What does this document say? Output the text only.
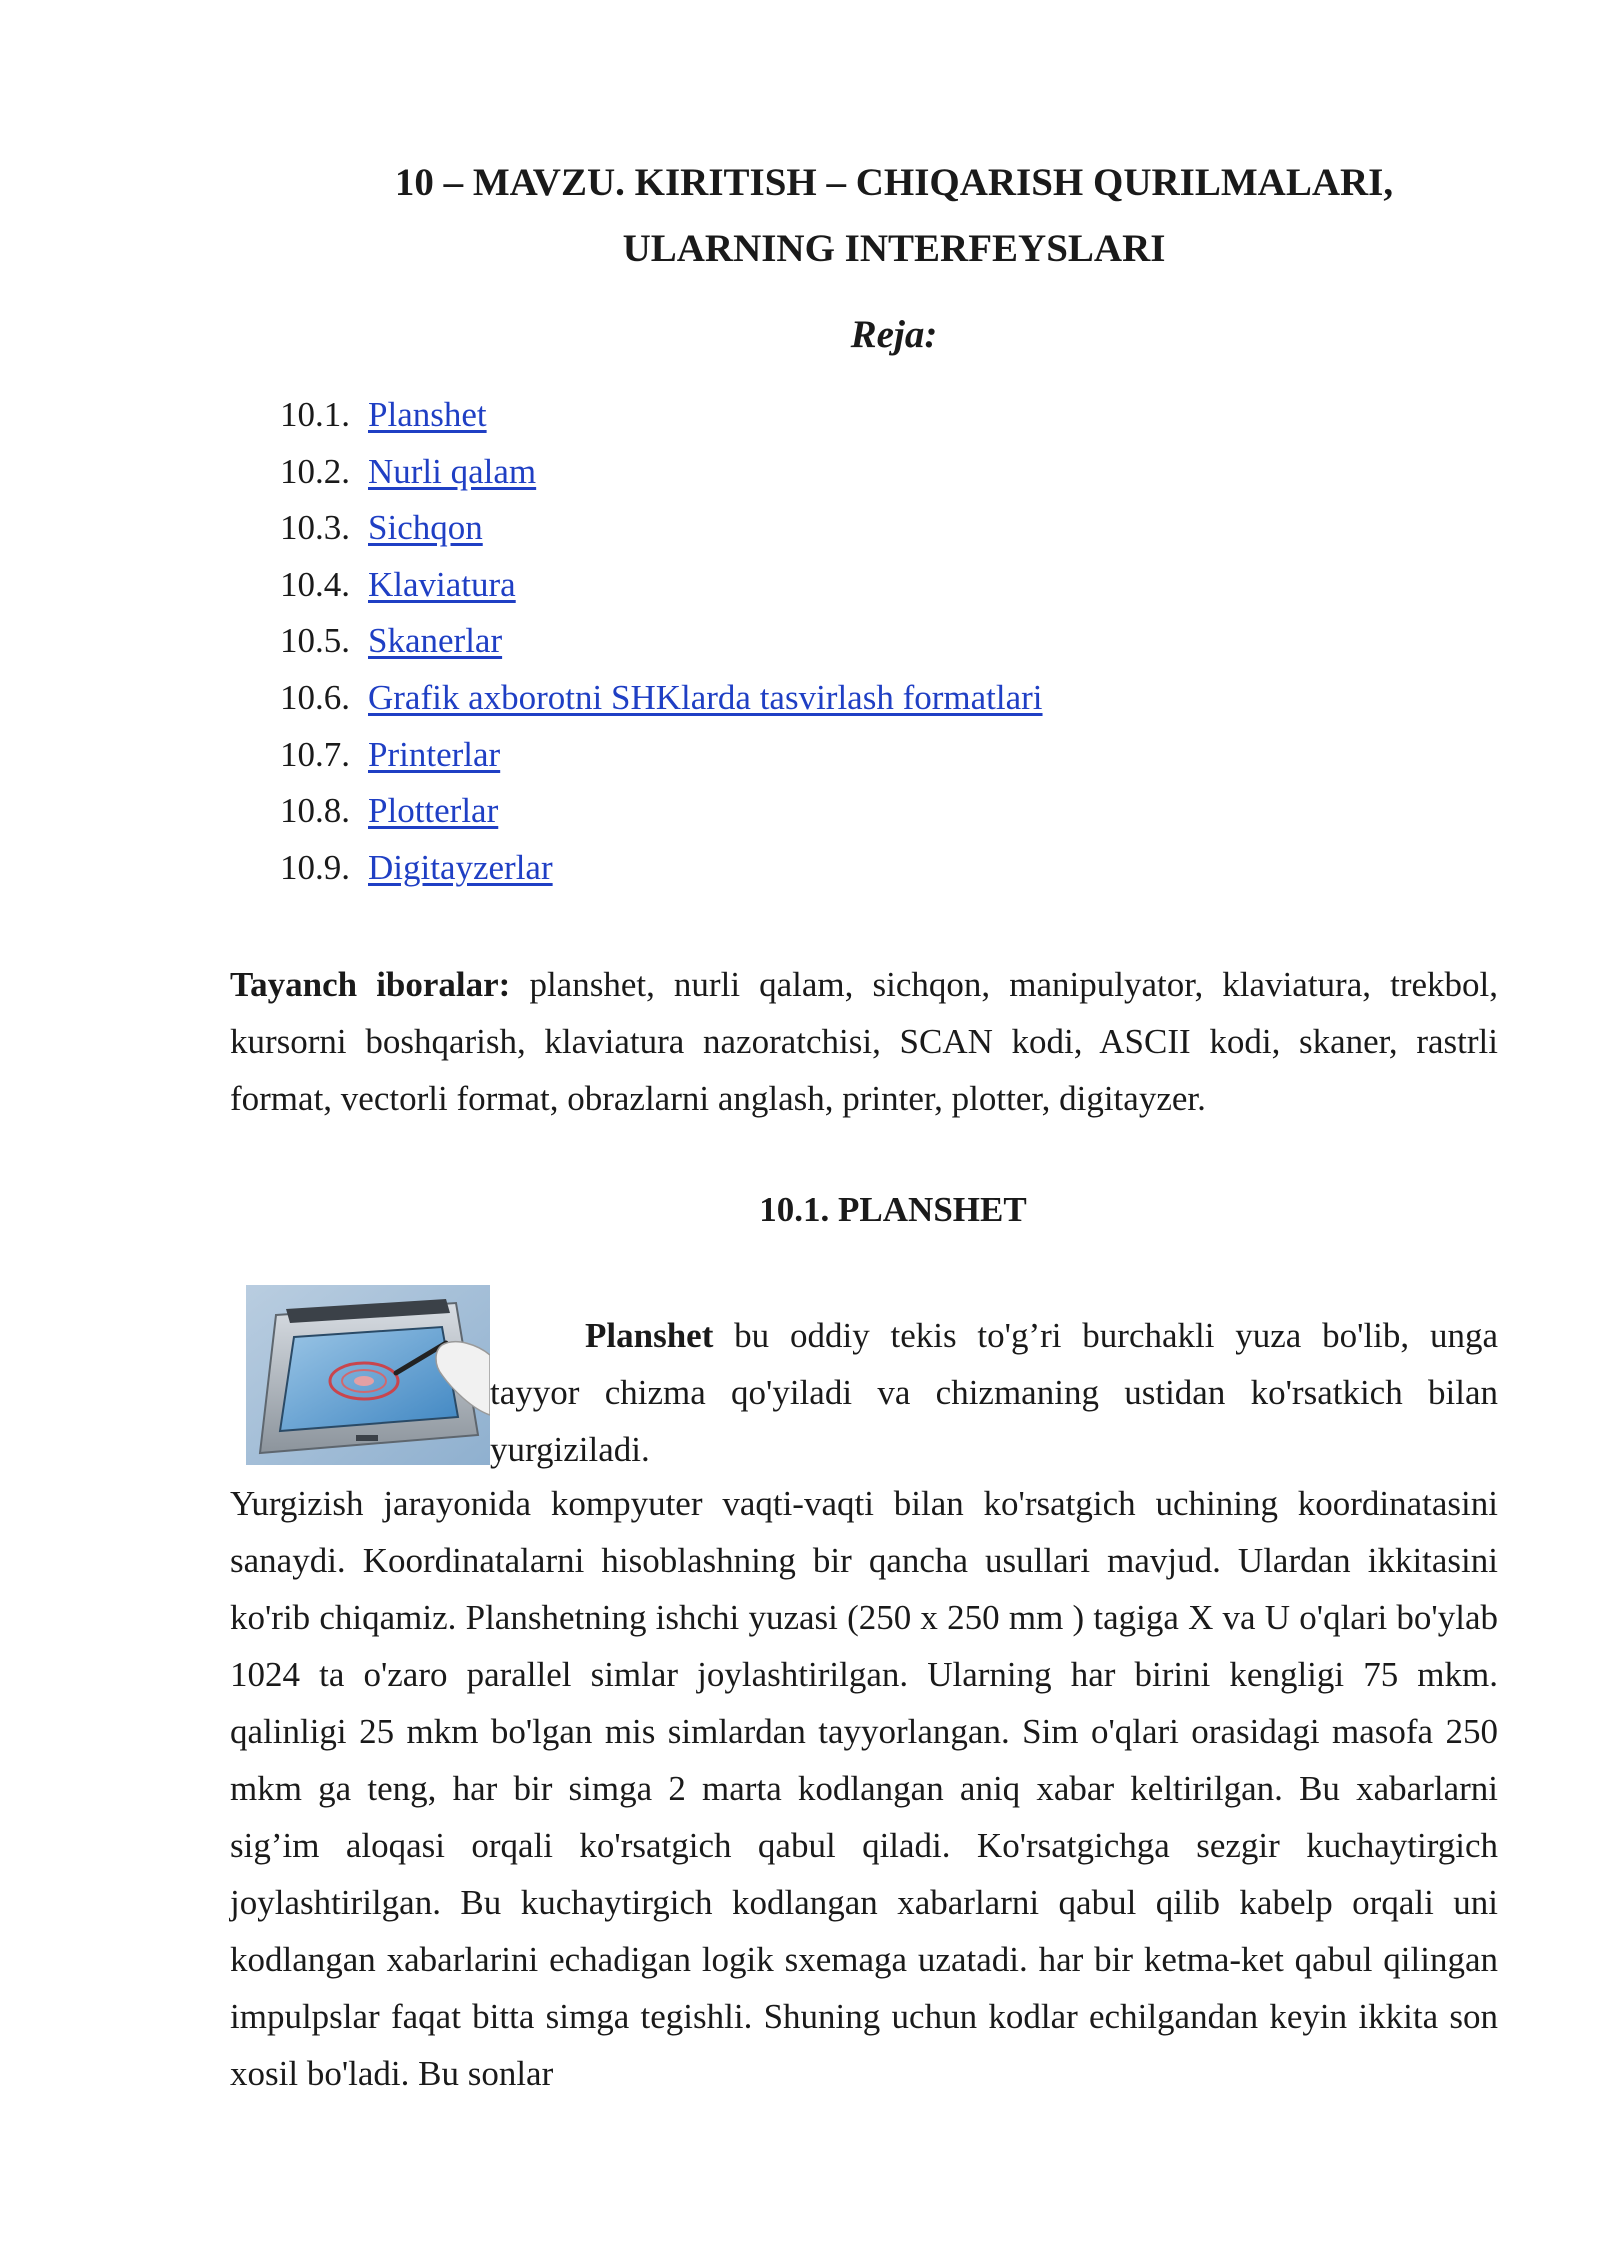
10 – MAVZU. KIRITISH – CHIQARISH QURILMALARI,
ULARNING INTERFEYSLARI

Reja:

10.1. Planshet
10.2. Nurli qalam
10.3. Sichqon
10.4. Klaviatura
10.5. Skanerlar
10.6. Grafik axborotni SHKlarda tasvirlash formatlari
10.7. Printerlar
10.8. Plotterlar
10.9. Digitayzerlar

Tayanch iboralar: planshet, nurli qalam, sichqon, manipulyator, klaviatura, trekbol, kursorni boshqarish, klaviatura nazoratchisi, SCAN kodi, ASCII kodi, skaner, rastrli format, vectorli format, obrazlarni anglash, printer, plotter, digitayzer.

10.1. PLANSHET

Planshet bu oddiy tekis to'g’ri burchakli yuza bo'lib, unga tayyor chizma qo'yiladi va chizmaning ustidan ko'rsatkich bilan yurgiziladi.

Yurgizish jarayonida kompyuter vaqti-vaqti bilan ko'rsatgich uchining koordinatasini sanaydi. Koordinatalarni hisoblashning bir qancha usullari mavjud. Ulardan ikkitasini ko'rib chiqamiz. Planshetning ishchi yuzasi (250 x 250 mm ) tagiga X va U o'qlari bo'ylab 1024 ta o'zaro parallel simlar joylashtirilgan. Ularning har birini kengligi 75 mkm. qalinligi 25 mkm bo'lgan mis simlardan tayyorlangan. Sim o'qlari orasidagi masofa 250 mkm ga teng, har bir simga 2 marta kodlangan aniq xabar keltirilgan. Bu xabarlarni sig’im aloqasi orqali ko'rsatgich qabul qiladi. Ko'rsatgichga sezgir kuchaytirgich joylashtirilgan. Bu kuchaytirgich kodlangan xabarlarni qabul qilib kabelp orqali uni kodlangan xabarlarini echadigan logik sxemaga uzatadi. har bir ketma-ket qabul qilingan impulpslar faqat bitta simga tegishli. Shuning uchun kodlar echilgandan keyin ikkita son xosil bo'ladi. Bu sonlar
